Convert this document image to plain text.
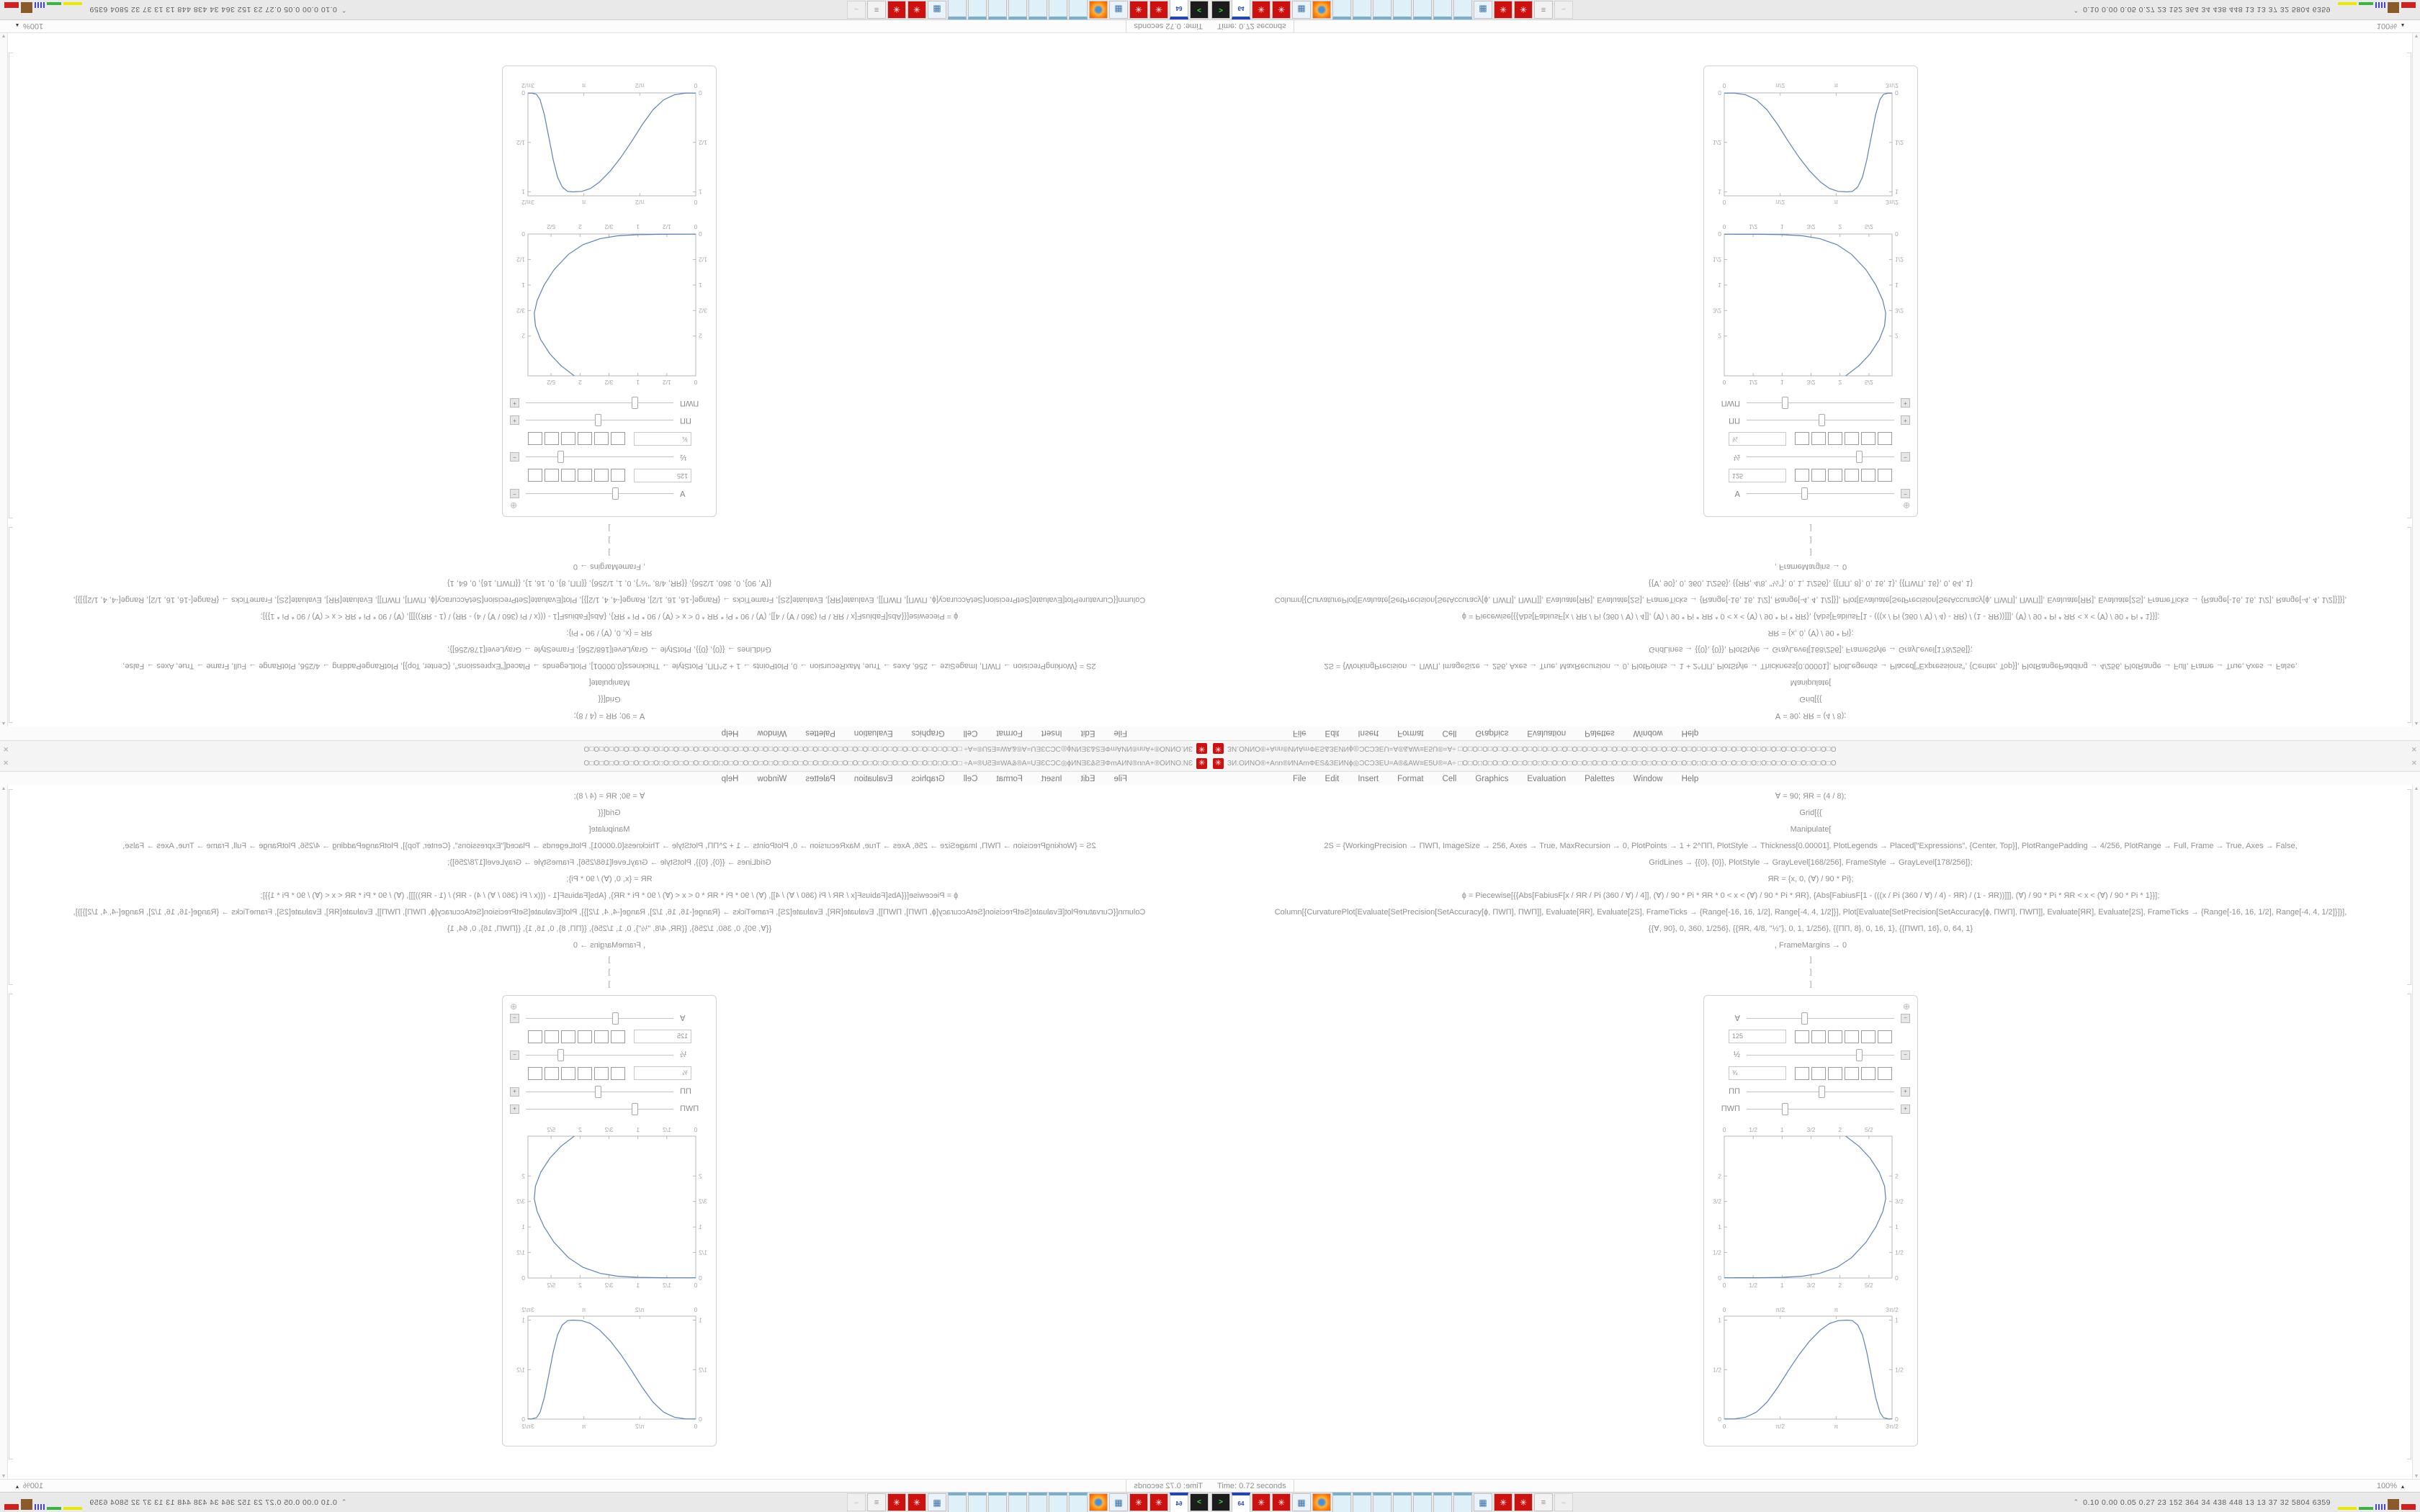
✳ ЗИ.ОИNŌ®+Ann®ИNAmΦES&ЗЕИNɸ◎ƆCƆЗЕU=A®&AW≡E5U®=A÷ □O□O□O□O□O□O□O□O□O□O□O□O□O□O□O□O□O□O□O□O□O□O□O□O□O□O□O□O□O□O□O□O□O□O□O□O□O□O	✕
File Edit Insert Format Cell Graphics Evaluation Palettes Window Help
Ɐ = 90; ЯR = (4 / 8);
Grid[{{
Manipulate[
2S = {WorkingPrecision → ΠWΠ, ImageSize → 256, Axes → True, MaxRecursion → 0, PlotPoints → 1 + 2^ΠΠ, PlotStyle → Thickness[0.00001], PlotLegends → Placed["Expressions", {Center, Top}], PlotRangePadding → 4/256, PlotRange → Full, Frame → True, Axes → False,
GridLines → {{0}, {0}}, PlotStyle → GrayLevel[168/256], FrameStyle → GrayLevel[178/256]};
ЯR = {x, 0, (Ɐ) / 90 * Pi};
ϕ = Piecewise[{{Abs[FabiusF[x / ЯR / Pi (360 / Ɐ) / 4]], (Ɐ) / 90 * Pi * ЯR * 0 < x < (Ɐ) / 90 * Pi * ЯR}, {Abs[FabiusF[1 - (((x / Pi (360 / Ɐ) / 4) - ЯR) / (1 - ЯR))]]], (Ɐ) / 90 * Pi * ЯR < x < (Ɐ) / 90 * Pi * 1}}];
Column[{CurvaturePlot[Evaluate[SetPrecision[SetAccuracy[ϕ, ΠWΠ], ΠWΠ]], Evaluate[ЯR], Evaluate[2S], FrameTicks → {Range[-16, 16, 1/2], Range[-4, 4, 1/2]}], Plot[Evaluate[SetPrecision[SetAccuracy[ϕ, ΠWΠ], ΠWΠ]], Evaluate[ЯR], Evaluate[2S], FrameTicks → {Range[-16, 16, 1/2], Range[-4, 4, 1/2]}]}],
{{Ɐ, 90}, 0, 360, 1/256}, {{ЯR, 4/8, "½"}, 0, 1, 1/256}, {{ΠΠ, 8}, 0, 16, 1}, {{ΠWΠ, 16}, 0, 64, 1}
, FrameMargins → 0
]
]
]
⊕
Ɐ	−
125
½	−
¾
ΠΠ	+
ΠWΠ	+
0
0
1/2
1/2
1
1
3/2
3/2
2
2
5/2
5/2
0	0
1/2	1/2
1	1
3/2	3/2
2	2
0
0
π/2
π/2
π
π
3π/2
3π/2
0	0
1/2	1/2
1	1
▲
▼
Time: 0.72 seconds	100% ▴
>	64 ✳ ✳ ▦	▦ ✳ ✳ ≡ ⌁	⌃ 0.10 0.00 0.05 0.27 23 152 364 34 438 448 13 13 37 32 5804 6359
✳ ЗИ.ОИNŌ®+Ann®ИNAmΦES&ЗЕИNɸ◎ƆCƆЗЕU=A®&AW≡E5U®=A÷ □O□O□O□O□O□O□O□O□O□O□O□O□O□O□O□O□O□O□O□O□O□O□O□O□O□O□O□O□O□O□O□O□O□O□O□O□O□O	✕
File Edit Insert Format Cell Graphics Evaluation Palettes Window Help
Ɐ = 90; ЯR = (4 / 8);
Grid[{{
Manipulate[
2S = {WorkingPrecision → ΠWΠ, ImageSize → 256, Axes → True, MaxRecursion → 0, PlotPoints → 1 + 2^ΠΠ, PlotStyle → Thickness[0.00001], PlotLegends → Placed["Expressions", {Center, Top}], PlotRangePadding → 4/256, PlotRange → Full, Frame → True, Axes → False,
GridLines → {{0}, {0}}, PlotStyle → GrayLevel[168/256], FrameStyle → GrayLevel[178/256]};
ЯR = {x, 0, (Ɐ) / 90 * Pi};
ϕ = Piecewise[{{Abs[FabiusF[x / ЯR / Pi (360 / Ɐ) / 4]], (Ɐ) / 90 * Pi * ЯR * 0 < x < (Ɐ) / 90 * Pi * ЯR}, {Abs[FabiusF[1 - (((x / Pi (360 / Ɐ) / 4) - ЯR) / (1 - ЯR))]]], (Ɐ) / 90 * Pi * ЯR < x < (Ɐ) / 90 * Pi * 1}}];
Column[{CurvaturePlot[Evaluate[SetPrecision[SetAccuracy[ϕ, ΠWΠ], ΠWΠ]], Evaluate[ЯR], Evaluate[2S], FrameTicks → {Range[-16, 16, 1/2], Range[-4, 4, 1/2]}], Plot[Evaluate[SetPrecision[SetAccuracy[ϕ, ΠWΠ], ΠWΠ]], Evaluate[ЯR], Evaluate[2S], FrameTicks → {Range[-16, 16, 1/2], Range[-4, 4, 1/2]}]}],
{{Ɐ, 90}, 0, 360, 1/256}, {{ЯR, 4/8, "½"}, 0, 1, 1/256}, {{ΠΠ, 8}, 0, 16, 1}, {{ΠWΠ, 16}, 0, 64, 1}
, FrameMargins → 0
]
]
]
⊕
Ɐ	−
125
½	−
¾
ΠΠ	+
ΠWΠ	+
0
0
1/2
1/2
1
1
3/2
3/2
2
2
5/2
5/2
0	0
1/2	1/2
1	1
3/2	3/2
2	2
0
0
π/2
π/2
π
π
3π/2
3π/2
0	0
1/2	1/2
1	1
▲
▼
Time: 0.72 seconds	100% ▴
>	64 ✳ ✳ ▦	▦ ✳ ✳ ≡ ⌁	⌃ 0.10 0.00 0.05 0.27 23 152 364 34 438 448 13 13 37 32 5804 6359
✳
ЗИ.ОИNŌ®+Ann®ИNAmΦES&ЗЕИNɸ◎ƆCƆЗЕU=A®&AW≡E5U®=A÷ □O□O□O□O□O□O□O□O□O□O□O□O□O□O□O□O□O□O□O□O□O□O□O□O□O□O□O□O□O□O□O□O□O□O□O□O□O□O
✕
File
Edit
Insert
Format
Cell
Graphics
Evaluation
Palettes
Window
Help
Ɐ = 90; ЯR = (4 / 8);
Grid[{{
Manipulate[
2S = {WorkingPrecision → ΠWΠ, ImageSize → 256, Axes → True, MaxRecursion → 0, PlotPoints → 1 + 2^ΠΠ, PlotStyle → Thickness[0.00001], PlotLegends → Placed["Expressions", {Center, Top}], PlotRangePadding → 4/256, PlotRange → Full, Frame → True, Axes → False,
GridLines → {{0}, {0}}, PlotStyle → GrayLevel[168/256], FrameStyle → GrayLevel[178/256]};
ЯR = {x, 0, (Ɐ) / 90 * Pi};
ϕ = Piecewise[{{Abs[FabiusF[x / ЯR / Pi (360 / Ɐ) / 4]], (Ɐ) / 90 * Pi * ЯR * 0 < x < (Ɐ) / 90 * Pi * ЯR}, {Abs[FabiusF[1 - (((x / Pi (360 / Ɐ) / 4) - ЯR) / (1 - ЯR))]]], (Ɐ) / 90 * Pi * ЯR < x < (Ɐ) / 90 * Pi * 1}}];
Column[{CurvaturePlot[Evaluate[SetPrecision[SetAccuracy[ϕ, ΠWΠ], ΠWΠ]], Evaluate[ЯR], Evaluate[2S], FrameTicks → {Range[-16, 16, 1/2], Range[-4, 4, 1/2]}], Plot[Evaluate[SetPrecision[SetAccuracy[ϕ, ΠWΠ], ΠWΠ]], Evaluate[ЯR], Evaluate[2S], FrameTicks → {Range[-16, 16, 1/2], Range[-4, 4, 1/2]}]}],
{{Ɐ, 90}, 0, 360, 1/256}, {{ЯR, 4/8, "½"}, 0, 1, 1/256}, {{ΠΠ, 8}, 0, 16, 1}, {{ΠWΠ, 16}, 0, 64, 1}
, FrameMargins → 0
]
]
]
⊕
Ɐ
−
125
½
−
¾
ΠΠ
+
ΠWΠ
+
0
0
1/2
1/2
1
1
3/2
3/2
2
2
5/2
5/2
0
0
1/2
1/2
1
1
3/2
3/2
2
2
0
0
π/2
π/2
π
π
3π/2
3π/2
0
0
1/2
1/2
1
1
▲
▼
Time: 0.72 seconds
100%
▴
>
64
✳
✳
▦
▦
✳
✳
≡
⌁
⌃
0.10 0.00 0.05 0.27 23 152 364 34 438 448 13 13 37 32 5804 6359
✳
ЗИ.ОИNŌ®+Ann®ИNAmΦES&ЗЕИNɸ◎ƆCƆЗЕU=A®&AW≡E5U®=A÷ □O□O□O□O□O□O□O□O□O□O□O□O□O□O□O□O□O□O□O□O□O□O□O□O□O□O□O□O□O□O□O□O□O□O□O□O□O□O
✕
File
Edit
Insert
Format
Cell
Graphics
Evaluation
Palettes
Window
Help
Ɐ = 90; ЯR = (4 / 8);
Grid[{{
Manipulate[
2S = {WorkingPrecision → ΠWΠ, ImageSize → 256, Axes → True, MaxRecursion → 0, PlotPoints → 1 + 2^ΠΠ, PlotStyle → Thickness[0.00001], PlotLegends → Placed["Expressions", {Center, Top}], PlotRangePadding → 4/256, PlotRange → Full, Frame → True, Axes → False,
GridLines → {{0}, {0}}, PlotStyle → GrayLevel[168/256], FrameStyle → GrayLevel[178/256]};
ЯR = {x, 0, (Ɐ) / 90 * Pi};
ϕ = Piecewise[{{Abs[FabiusF[x / ЯR / Pi (360 / Ɐ) / 4]], (Ɐ) / 90 * Pi * ЯR * 0 < x < (Ɐ) / 90 * Pi * ЯR}, {Abs[FabiusF[1 - (((x / Pi (360 / Ɐ) / 4) - ЯR) / (1 - ЯR))]]], (Ɐ) / 90 * Pi * ЯR < x < (Ɐ) / 90 * Pi * 1}}];
Column[{CurvaturePlot[Evaluate[SetPrecision[SetAccuracy[ϕ, ΠWΠ], ΠWΠ]], Evaluate[ЯR], Evaluate[2S], FrameTicks → {Range[-16, 16, 1/2], Range[-4, 4, 1/2]}], Plot[Evaluate[SetPrecision[SetAccuracy[ϕ, ΠWΠ], ΠWΠ]], Evaluate[ЯR], Evaluate[2S], FrameTicks → {Range[-16, 16, 1/2], Range[-4, 4, 1/2]}]}],
{{Ɐ, 90}, 0, 360, 1/256}, {{ЯR, 4/8, "½"}, 0, 1, 1/256}, {{ΠΠ, 8}, 0, 16, 1}, {{ΠWΠ, 16}, 0, 64, 1}
, FrameMargins → 0
]
]
]
⊕
Ɐ
−
125
½
−
¾
ΠΠ
+
ΠWΠ
+
0
0
1/2
1/2
1
1
3/2
3/2
2
2
5/2
5/2
0
0
1/2
1/2
1
1
3/2
3/2
2
2
0
0
π/2
π/2
π
π
3π/2
3π/2
0
0
1/2
1/2
1
1
▲
▼
Time: 0.72 seconds
100%
▴
>
64
✳
✳
▦
▦
✳
✳
≡
⌁
⌃
0.10 0.00 0.05 0.27 23 152 364 34 438 448 13 13 37 32 5804 6359
